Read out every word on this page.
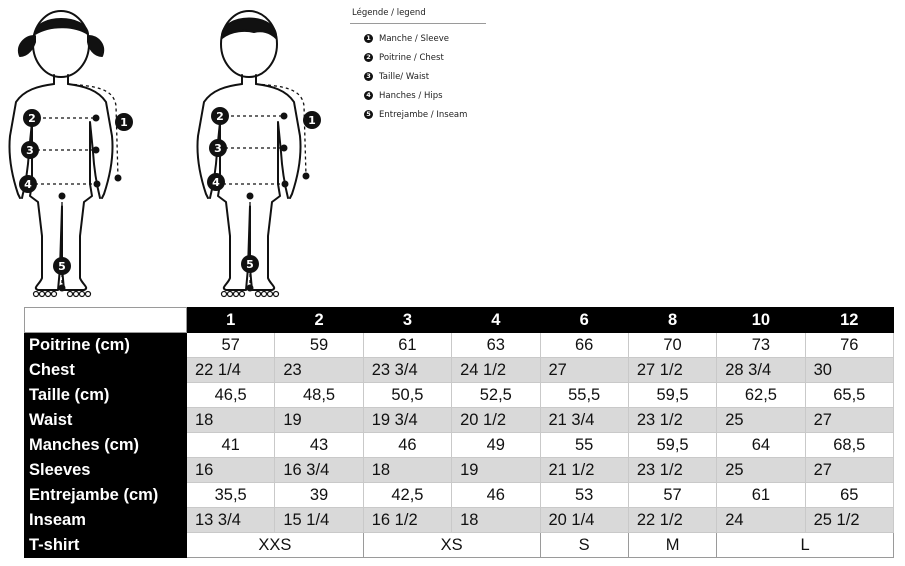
2
3
4
1
5
2
3
4
1
5
Légende / legend
1 Manche / Sleeve
2 Poitrine / Chest
3 Taille/ Waist
4 Hanches / Hips
5 Entrejambe / Inseam
	1	2	3	4	6	8	10	12
Poitrine (cm)	57	59	61	63	66	70	73	76
Chest	22 1/4	23	23 3/4	24 1/2	27	27 1/2	28 3/4	30
Taille (cm)	46,5	48,5	50,5	52,5	55,5	59,5	62,5	65,5
Waist	18	19	19 3/4	20 1/2	21 3/4	23 1/2	25	27
Manches (cm)	41	43	46	49	55	59,5	64	68,5
Sleeves	16	16 3/4	18	19	21 1/2	23 1/2	25	27
Entrejambe (cm)	35,5	39	42,5	46	53	57	61	65
Inseam	13 3/4	15 1/4	16 1/2	18	20 1/4	22 1/2	24	25 1/2
T-shirt	XXS		XS		S	M	L	
